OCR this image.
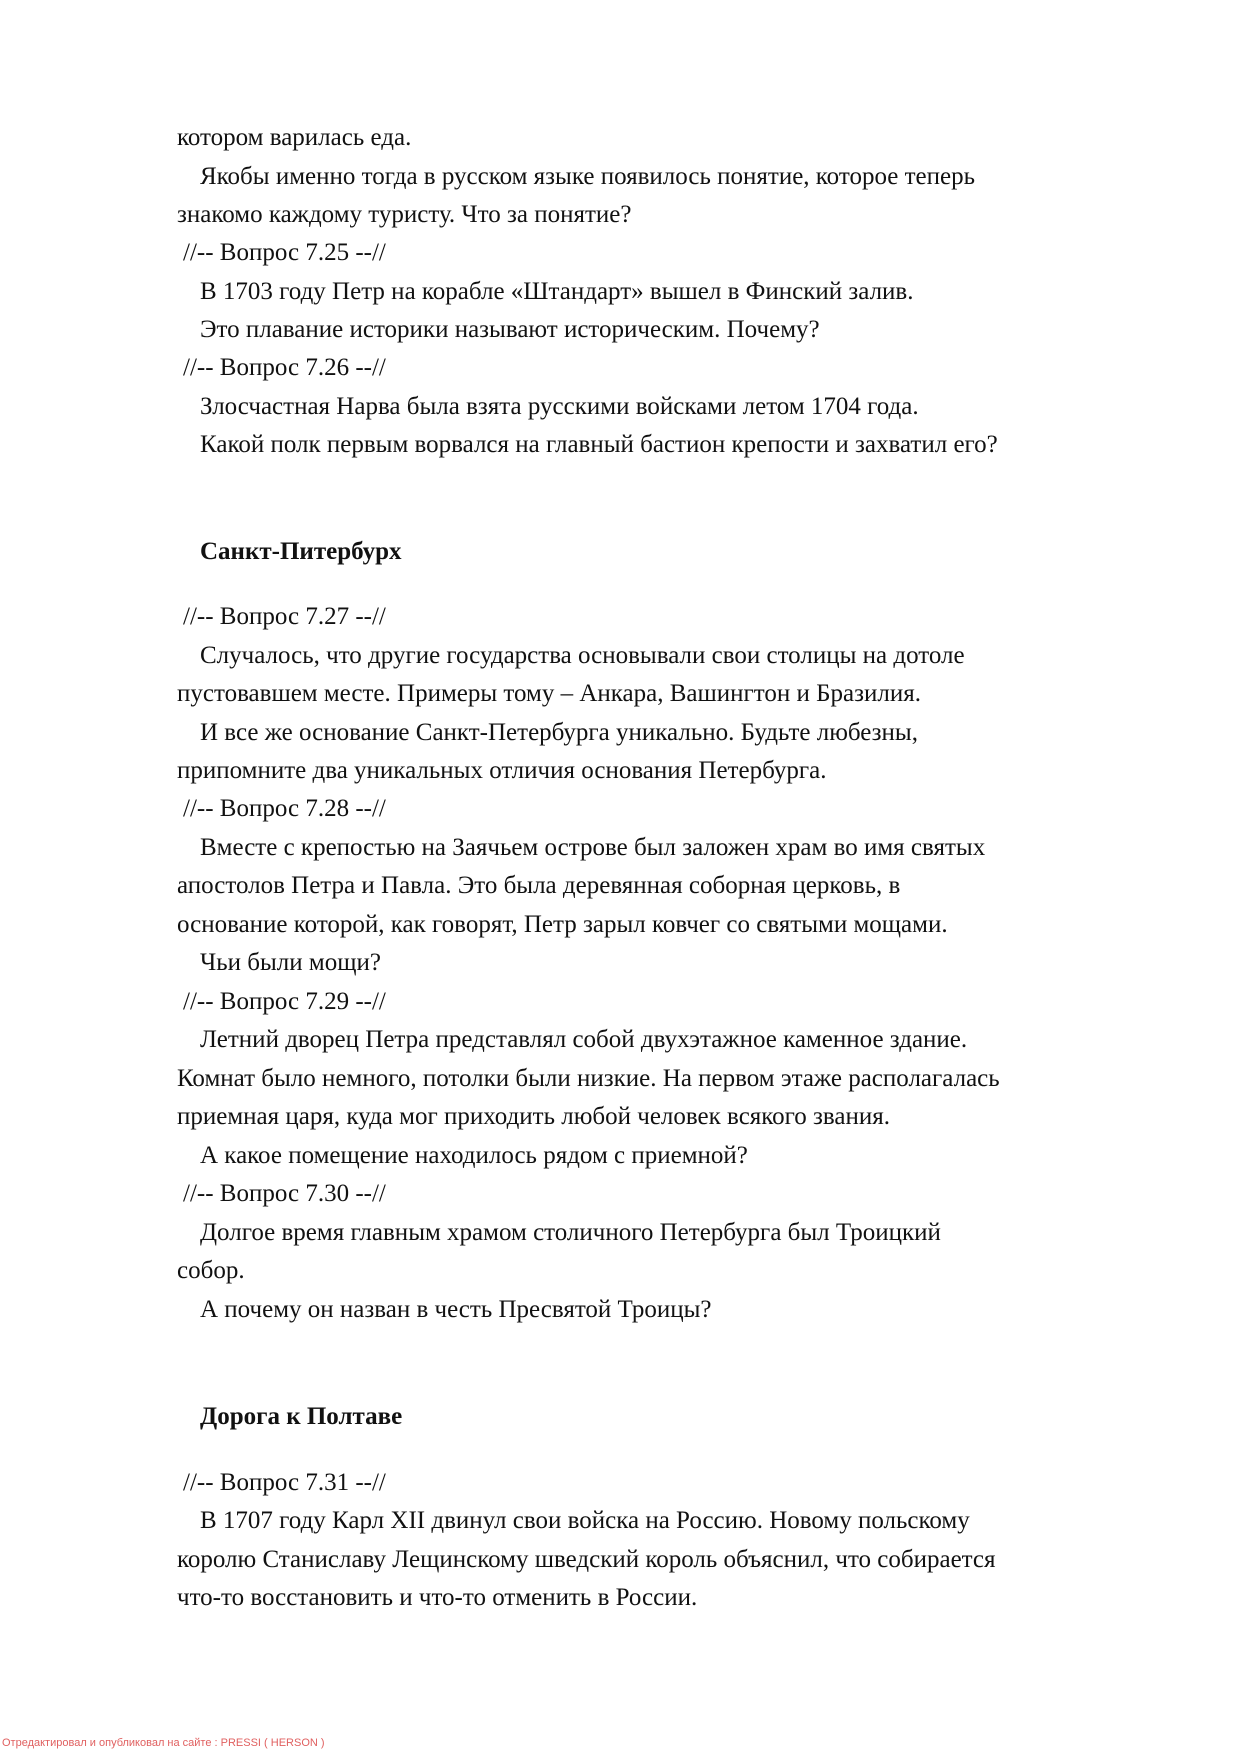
котором варилась еда.
Якобы именно тогда в русском языке появилось понятие, которое теперь
знакомо каждому туристу. Что за понятие?
//-- Вопрос 7.25 --//
В 1703 году Петр на корабле «Штандарт» вышел в Финский залив.
Это плавание историки называют историческим. Почему?
//-- Вопрос 7.26 --//
Злосчастная Нарва была взята русскими войсками летом 1704 года.
Какой полк первым ворвался на главный бастион крепости и захватил его?
Санкт-Питербурх
//-- Вопрос 7.27 --//
Случалось, что другие государства основывали свои столицы на дотоле
пустовавшем месте. Примеры тому – Анкара, Вашингтон и Бразилия.
И все же основание Санкт-Петербурга уникально. Будьте любезны,
припомните два уникальных отличия основания Петербурга.
//-- Вопрос 7.28 --//
Вместе с крепостью на Заячьем острове был заложен храм во имя святых
апостолов Петра и Павла. Это была деревянная соборная церковь, в
основание которой, как говорят, Петр зарыл ковчег со святыми мощами.
Чьи были мощи?
//-- Вопрос 7.29 --//
Летний дворец Петра представлял собой двухэтажное каменное здание.
Комнат было немного, потолки были низкие. На первом этаже располагалась
приемная царя, куда мог приходить любой человек всякого звания.
А какое помещение находилось рядом с приемной?
//-- Вопрос 7.30 --//
Долгое время главным храмом столичного Петербурга был Троицкий
собор.
А почему он назван в честь Пресвятой Троицы?
Дорога к Полтаве
//-- Вопрос 7.31 --//
В 1707 году Карл XII двинул свои войска на Россию. Новому польскому
королю Станиславу Лещинскому шведский король объяснил, что собирается
что-то восстановить и что-то отменить в России.
Отредактировал и опубликовал на сайте : PRESSI ( HERSON )
